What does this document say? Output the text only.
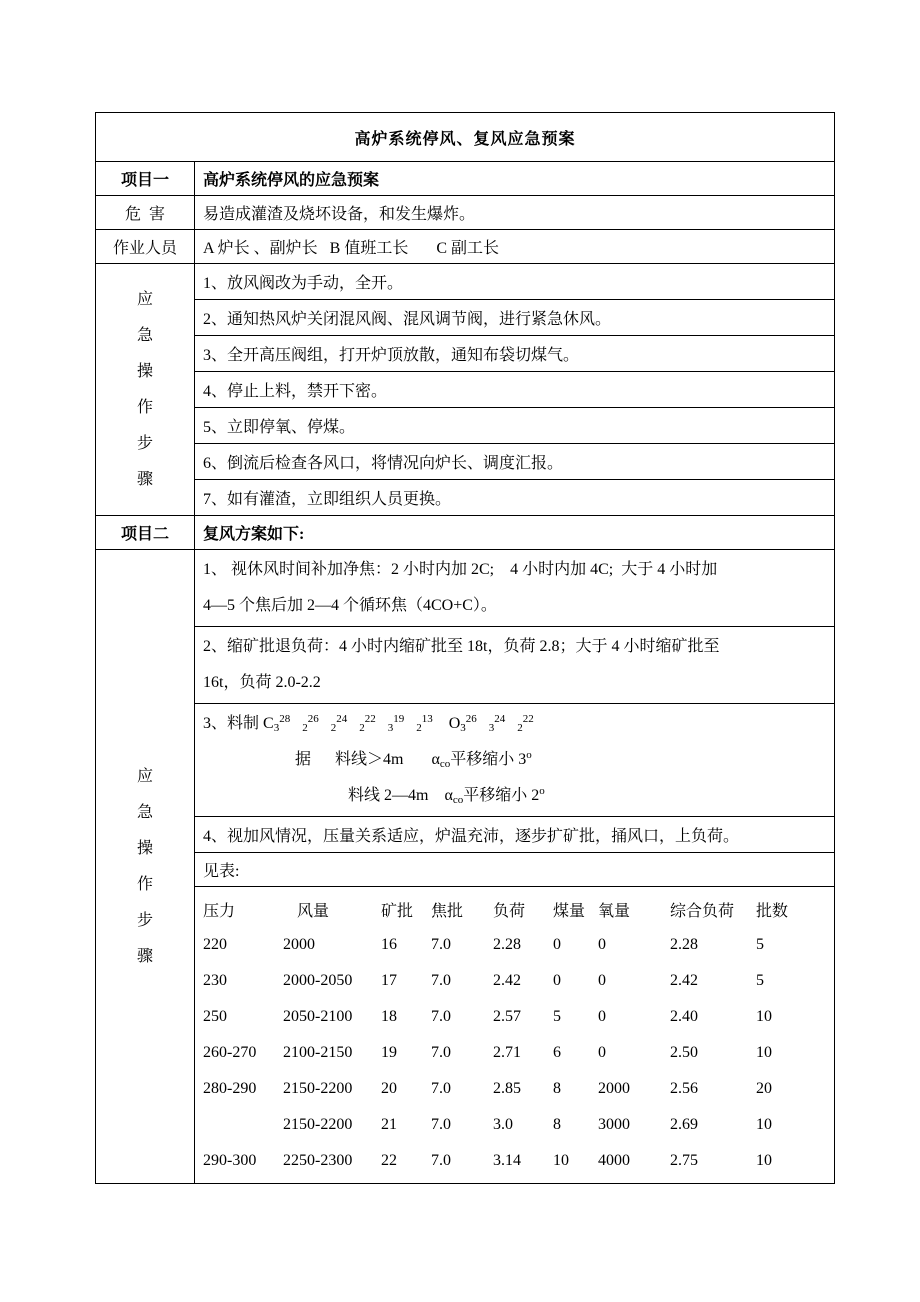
高炉系统停风、复风应急预案
项目一	高炉系统停风的应急预案
危  害	易造成灌渣及烧坏设备，和发生爆炸。
作业人员	A 炉长 、副炉长   B 值班工长       C 副工长

应
急
操
作
步
骤
	1、放风阀改为手动，全开。
2、通知热风炉关闭混风阀、混风调节阀，进行紧急休风。
3、全开高压阀组，打开炉顶放散，通知布袋切煤气。
4、停止上料，禁开下密。
5、立即停氧、停煤。
6、倒流后检查各风口，将情况向炉长、调度汇报。
7、如有灌渣，立即组织人员更换。
项目二	复风方案如下:

应
急
操
作
步
骤

1、 视休风时间补加净焦：2 小时内加 2C;    4 小时内加 4C;  大于 4 小时加
4—5 个焦后加 2—4 个循环焦（4CO+C）。

2、缩矿批退负荷：4 小时内缩矿批至 18t，负荷 2.8；大于 4 小时缩矿批至
16t，负荷 2.0-2.2

3、料制 $C_3^{28}$   $_2^{26}$   $_2^{24}$   $_2^{22}$   $_3^{19}$   $_2^{13}$ $O_3^{26}$   $_3^{24}$   $_2^{22}$
据 料线＞4m $\alpha_{co}$平移缩小 3$^o$
料线 2—4m $\alpha_{co}$平移缩小 2$^o$

4、视加风情况，压量关系适应，炉温充沛，逐步扩矿批，捅风口，上负荷。
见表:

压力	风量	矿批	焦批	负荷	煤量	氧量	综合负荷	批数
220	2000	16	7.0	2.28	0	0	2.28	5
230	2000-2050	17	7.0	2.42	0	0	2.42	5
250	2050-2100	18	7.0	2.57	5	0	2.40	10
260-270	2100-2150	19	7.0	2.71	6	0	2.50	10
280-290	2150-2200	20	7.0	2.85	8	2000	2.56	20
	2150-2200	21	7.0	3.0	8	3000	2.69	10
290-300	2250-2300	22	7.0	3.14	10	4000	2.75	10
